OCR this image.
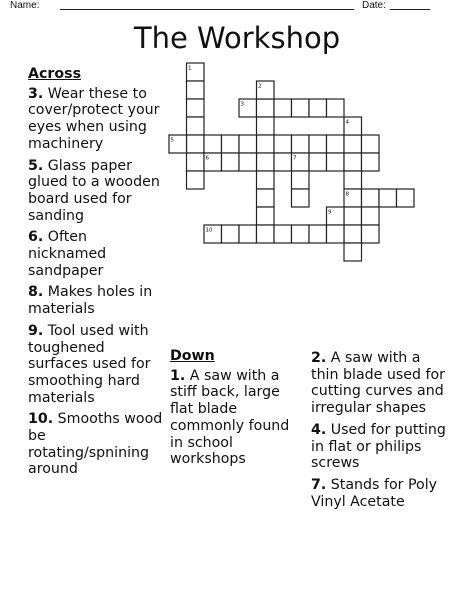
Name:	Date:
The Workshop
1
2
3
4
5
6	7
8
9
10
Across
3. Wear these to cover/protect your eyes when using machinery
5. Glass paper glued to a wooden board used for sanding
6. Often nicknamed sandpaper
8. Makes holes in materials
9. Tool used with toughened surfaces used for smoothing hard materials
10. Smooths wood be rotating/spnining around
Down
1. A saw with a stiff back, large flat blade commonly found in school workshops
2. A saw with a thin blade used for cutting curves and irregular shapes
4. Used for putting in flat or philips screws
7. Stands for Poly Vinyl Acetate
